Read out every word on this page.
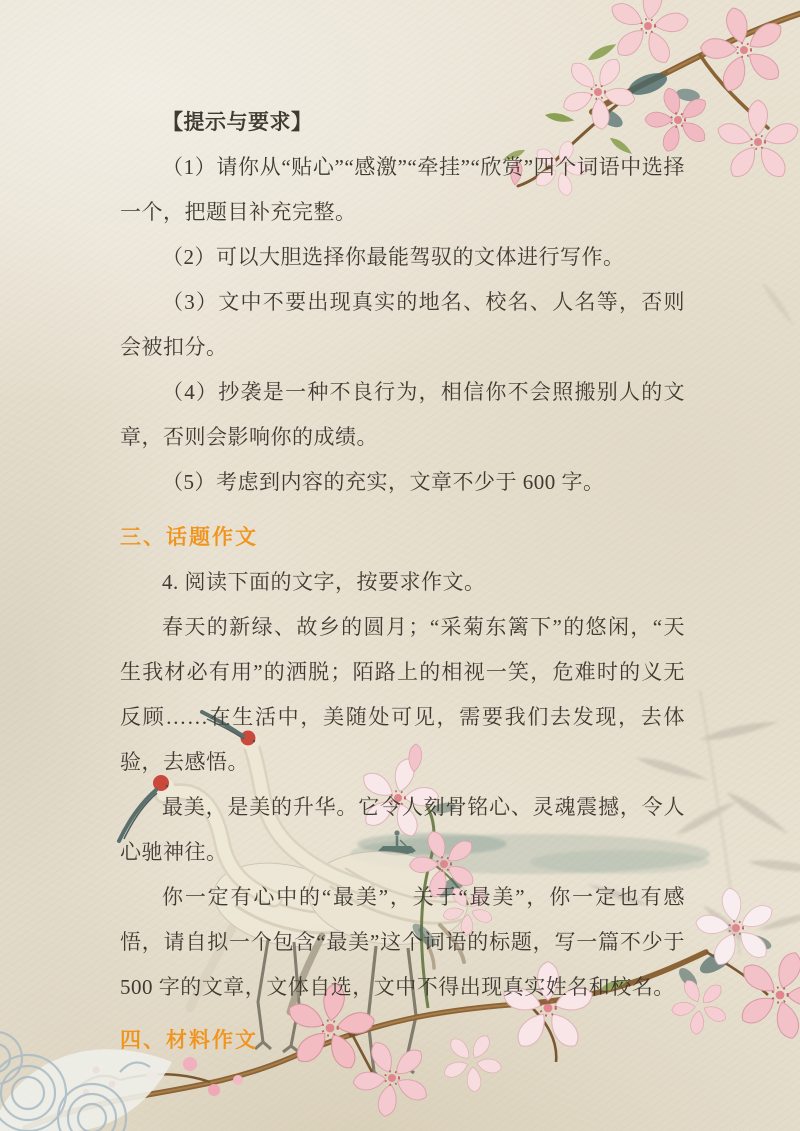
【提示与要求】

（1）请你从“贴心”“感激”“牵挂”“欣赏”四个词语中选择一个，把题目补充完整。

（2）可以大胆选择你最能驾驭的文体进行写作。

（3）文中不要出现真实的地名、校名、人名等，否则会被扣分。

（4）抄袭是一种不良行为，相信你不会照搬别人的文章，否则会影响你的成绩。

（5）考虑到内容的充实，文章不少于 600 字。

三、话题作文

4. 阅读下面的文字，按要求作文。

春天的新绿、故乡的圆月；“采菊东篱下”的悠闲，“天生我材必有用”的洒脱；陌路上的相视一笑，危难时的义无反顾……在生活中，美随处可见，需要我们去发现，去体验，去感悟。

最美，是美的升华。它令人刻骨铭心、灵魂震撼，令人心驰神往。

你一定有心中的“最美”，关于“最美”，你一定也有感悟，请自拟一个包含“最美”这个词语的标题，写一篇不少于 500 字的文章，文体自选，文中不得出现真实姓名和校名。

四、材料作文
